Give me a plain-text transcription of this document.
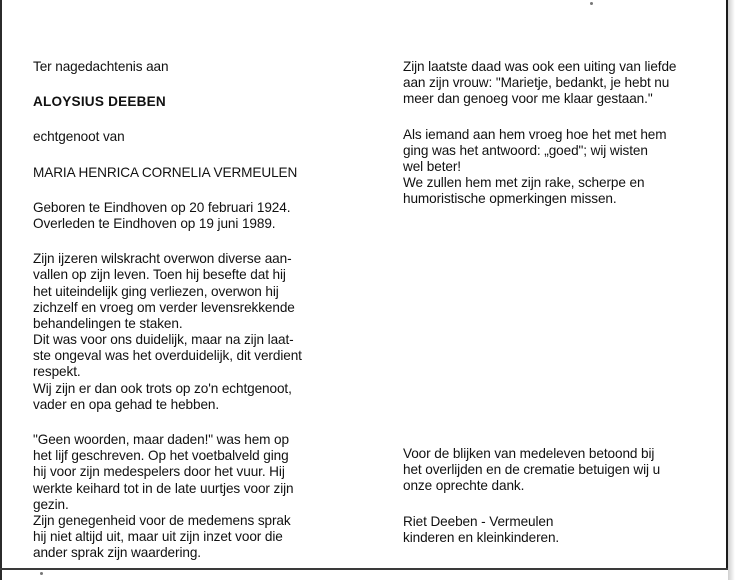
Ter nagedachtenis aan
ALOYSIUS DEEBEN
echtgenoot van
MARIA HENRICA CORNELIA VERMEULEN
Geboren te Eindhoven op 20 februari 1924.
Overleden te Eindhoven op 19 juni 1989.
Zijn ijzeren wilskracht overwon diverse aan-
vallen op zijn leven. Toen hij besefte dat hij
het uiteindelijk ging verliezen, overwon hij
zichzelf en vroeg om verder levensrekkende
behandelingen te staken.
Dit was voor ons duidelijk, maar na zijn laat-
ste ongeval was het overduidelijk, dit verdient
respekt.
Wij zijn er dan ook trots op zo'n echtgenoot,
vader en opa gehad te hebben.
"Geen woorden, maar daden!" was hem op
het lijf geschreven. Op het voetbalveld ging
hij voor zijn medespelers door het vuur. Hij
werkte keihard tot in de late uurtjes voor zijn
gezin.
Zijn genegenheid voor de medemens sprak
hij niet altijd uit, maar uit zijn inzet voor die
ander sprak zijn waardering.
Zijn laatste daad was ook een uiting van liefde
aan zijn vrouw: "Marietje, bedankt, je hebt nu
meer dan genoeg voor me klaar gestaan."
Als iemand aan hem vroeg hoe het met hem
ging was het antwoord: „goed"; wij wisten
wel beter!
We zullen hem met zijn rake, scherpe en
humoristische opmerkingen missen.
Voor de blijken van medeleven betoond bij
het overlijden en de crematie betuigen wij u
onze oprechte dank.
Riet Deeben - Vermeulen
kinderen en kleinkinderen.
